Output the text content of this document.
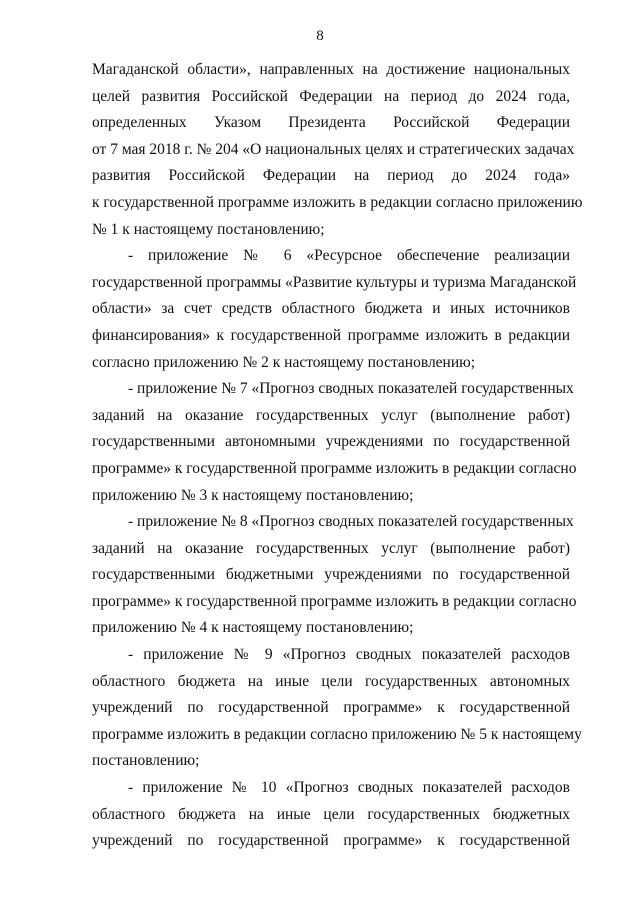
8
Магаданской области», направленных на достижение национальных
целей развития Российской Федерации на период до 2024 года,
определенных Указом Президента Российской Федерации
от 7 мая 2018 г. № 204 «О национальных целях и стратегических задачах
развития Российской Федерации на период до 2024 года»
к государственной программе изложить в редакции согласно приложению
№ 1 к настоящему постановлению;
- приложение № 6 «Ресурсное обеспечение реализации
государственной программы «Развитие культуры и туризма Магаданской
области» за счет средств областного бюджета и иных источников
финансирования» к государственной программе изложить в редакции
согласно приложению № 2 к настоящему постановлению;
- приложение № 7 «Прогноз сводных показателей государственных
заданий на оказание государственных услуг (выполнение работ)
государственными автономными учреждениями по государственной
программе» к государственной программе изложить в редакции согласно
приложению № 3 к настоящему постановлению;
- приложение № 8 «Прогноз сводных показателей государственных
заданий на оказание государственных услуг (выполнение работ)
государственными бюджетными учреждениями по государственной
программе» к государственной программе изложить в редакции согласно
приложению № 4 к настоящему постановлению;
- приложение № 9 «Прогноз сводных показателей расходов
областного бюджета на иные цели государственных автономных
учреждений по государственной программе» к государственной
программе изложить в редакции согласно приложению № 5 к настоящему
постановлению;
- приложение № 10 «Прогноз сводных показателей расходов
областного бюджета на иные цели государственных бюджетных
учреждений по государственной программе» к государственной
